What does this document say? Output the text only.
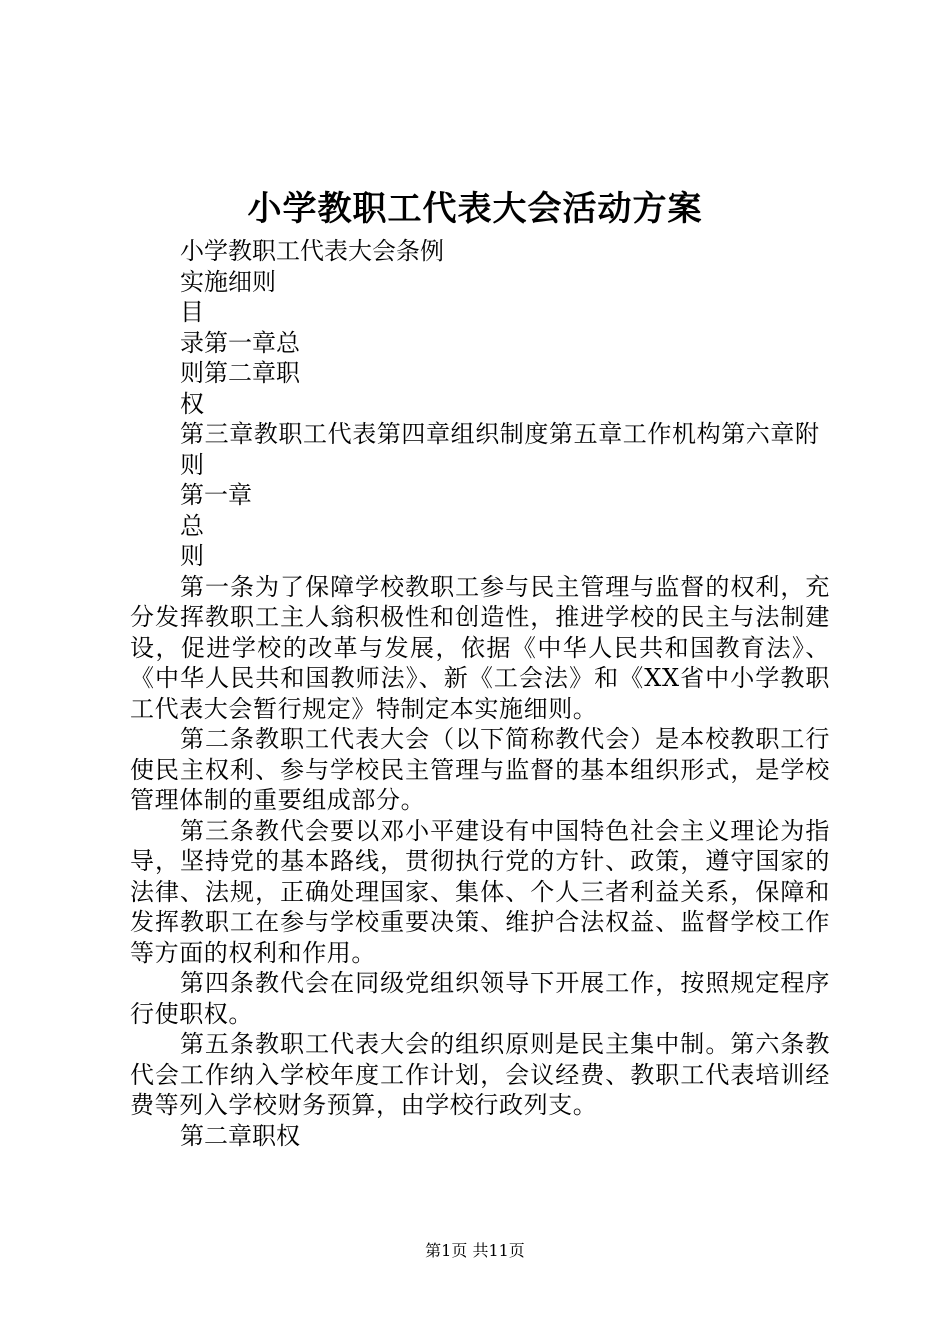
小学教职工代表大会活动方案
小学教职工代表大会条例
实施细则
目
录第一章总
则第二章职
权
第三章教职工代表第四章组织制度第五章工作机构第六章附
则
第一章
总
则
第一条为了保障学校教职工参与民主管理与监督的权利，充分发挥教职工主人翁积极性和创造性，推进学校的民主与法制建设，促进学校的改革与发展，依据《中华人民共和国教育法》、《中华人民共和国教师法》、新《工会法》和《XX省中小学教职工代表大会暂行规定》特制定本实施细则。
第二条教职工代表大会（以下简称教代会）是本校教职工行使民主权利、参与学校民主管理与监督的基本组织形式，是学校管理体制的重要组成部分。
第三条教代会要以邓小平建设有中国特色社会主义理论为指导，坚持党的基本路线，贯彻执行党的方针、政策，遵守国家的法律、法规，正确处理国家、集体、个人三者利益关系，保障和发挥教职工在参与学校重要决策、维护合法权益、监督学校工作等方面的权利和作用。
第四条教代会在同级党组织领导下开展工作，按照规定程序行使职权。
第五条教职工代表大会的组织原则是民主集中制。第六条教代会工作纳入学校年度工作计划，会议经费、教职工代表培训经费等列入学校财务预算，由学校行政列支。
第二章职权
第1页 共11页
